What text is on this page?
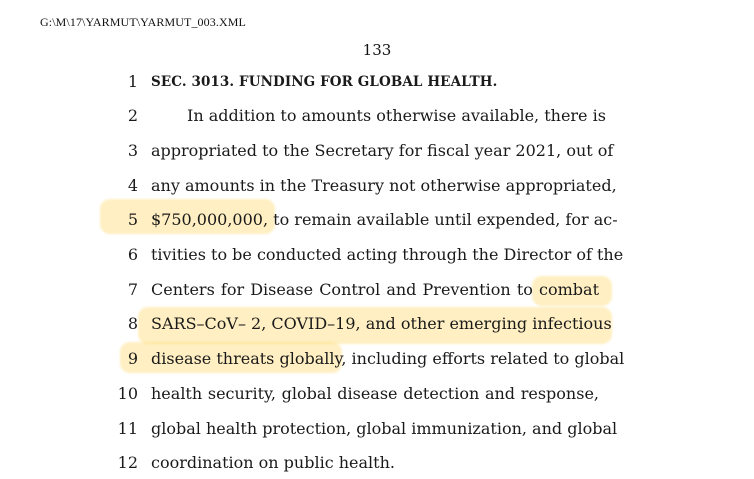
G:\M\17\YARMUT\YARMUT_003.XML
133
1 SEC. 3013. FUNDING FOR GLOBAL HEALTH.
2	In addition to amounts otherwise available, there is
3 appropriated to the Secretary for fiscal year 2021, out of
4 any amounts in the Treasury not otherwise appropriated,
5 $750,000,000, to remain available until expended, for ac-
6 tivities to be conducted acting through the Director of the
7 Centers for Disease Control and Prevention to combat
8 SARS–CoV– 2, COVID–19, and other emerging infectious
9 disease threats globally, including efforts related to global
10 health security, global disease detection and response,
11 global health protection, global immunization, and global
12 coordination on public health.
